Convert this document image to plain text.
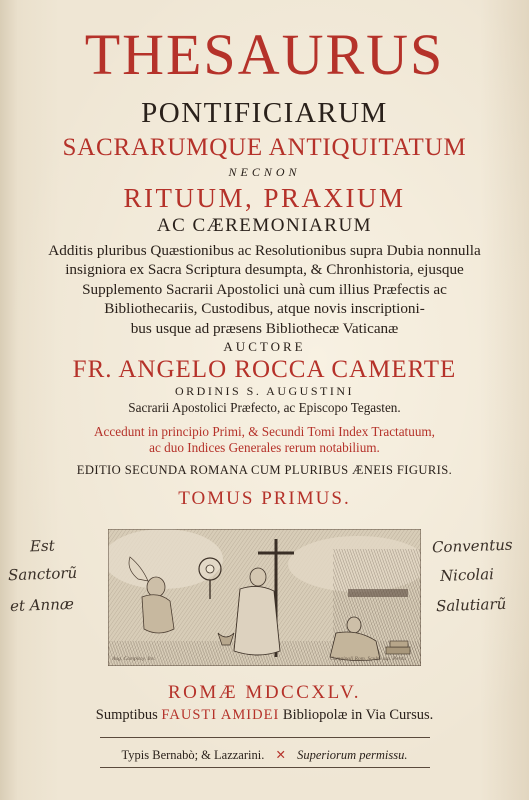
THESAURUS
PONTIFICIARUM
SACRARUMQUE ANTIQUITATUM
NECNON
RITUUM, PRAXIUM
AC CÆREMONIARUM
Additis pluribus Quæstionibus ac Resolutionibus supra Dubia nonnulla
insigniora ex Sacra Scriptura desumpta, & Chronhistoria, ejusque
Supplemento Sacrarii Apostolici unà cum illius Præfectis ac
Bibliothecariis, Custodibus, atque novis inscriptioni-
bus usque ad præsens Bibliothecæ Vaticanæ
AUCTORE
FR. ANGELO ROCCA CAMERTE
ORDINIS S. AUGUSTINI
Sacrarii Apostolici Præfecto, ac Episcopo Tegasten.
Accedunt in principio Primi, & Secundi Tomi Index Tractatuum,
ac duo Indices Generales rerum notabilium.
EDITIO SECUNDA ROMANA CUM PLURIBUS ÆNEIS FIGURIS.
TOMUS PRIMUS.
Est
Sanctorũ
et Annæ
Conventus
Nicolai
Salutiarũ
Aug. Campitoy. Inv.	Campipoli Rom. Sculp. sup. Perm.
ROMÆ MDCCXLV.
Sumptibus FAUSTI AMIDEI Bibliopolæ in Via Cursus.
Typis Bernabò; & Lazzarini. ✕ Superiorum permissu.
